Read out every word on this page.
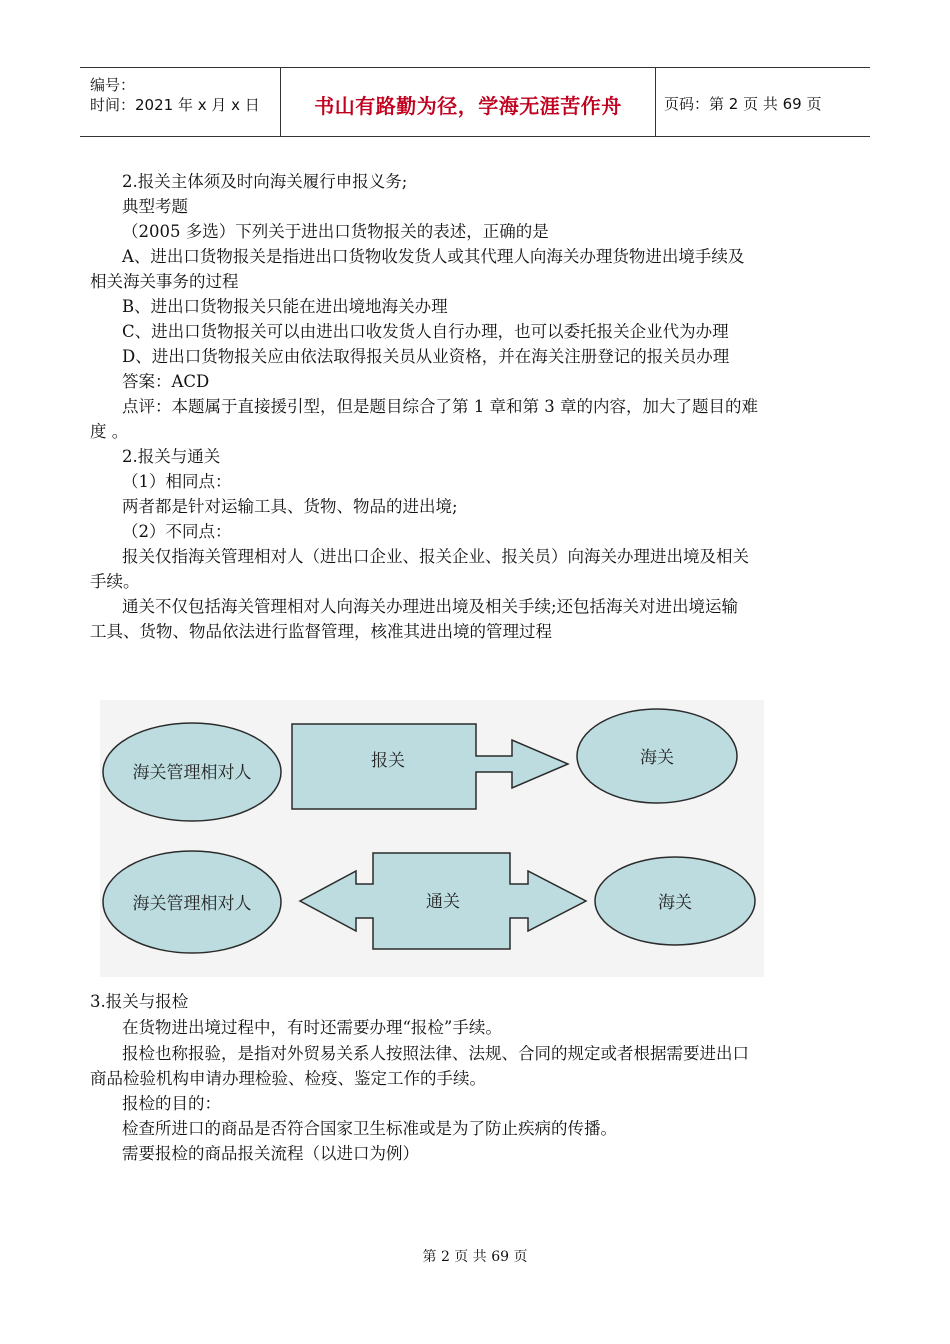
编号：
时间：2021 年 x 月 x 日	书山有路勤为径，学海无涯苦作舟	页码：第 2 页 共 69 页
2.报关主体须及时向海关履行申报义务;
典型考题
（2005 多选）下列关于进出口货物报关的表述，正确的是
A、进出口货物报关是指进出口货物收发货人或其代理人向海关办理货物进出境手续及
相关海关事务的过程
B、进出口货物报关只能在进出境地海关办理
C、进出口货物报关可以由进出口收发货人自行办理，也可以委托报关企业代为办理
D、进出口货物报关应由依法取得报关员从业资格，并在海关注册登记的报关员办理
答案：ACD
点评：本题属于直接援引型，但是题目综合了第 1 章和第 3 章的内容，加大了题目的难
度 。
2.报关与通关
（1）相同点：
两者都是针对运输工具、货物、物品的进出境;
（2）不同点：
报关仅指海关管理相对人（进出口企业、报关企业、报关员）向海关办理进出境及相关
手续。
通关不仅包括海关管理相对人向海关办理进出境及相关手续;还包括海关对进出境运输
工具、货物、物品依法进行监督管理，核准其进出境的管理过程
海关管理相对人
报关	海关
海关管理相对人	通关	海关
3.报关与报检
在货物进出境过程中，有时还需要办理“报检”手续。
报检也称报验，是指对外贸易关系人按照法律、法规、合同的规定或者根据需要进出口
商品检验机构申请办理检验、检疫、鉴定工作的手续。
报检的目的：
检查所进口的商品是否符合国家卫生标准或是为了防止疾病的传播。
需要报检的商品报关流程（以进口为例）
第 2 页 共 69 页
